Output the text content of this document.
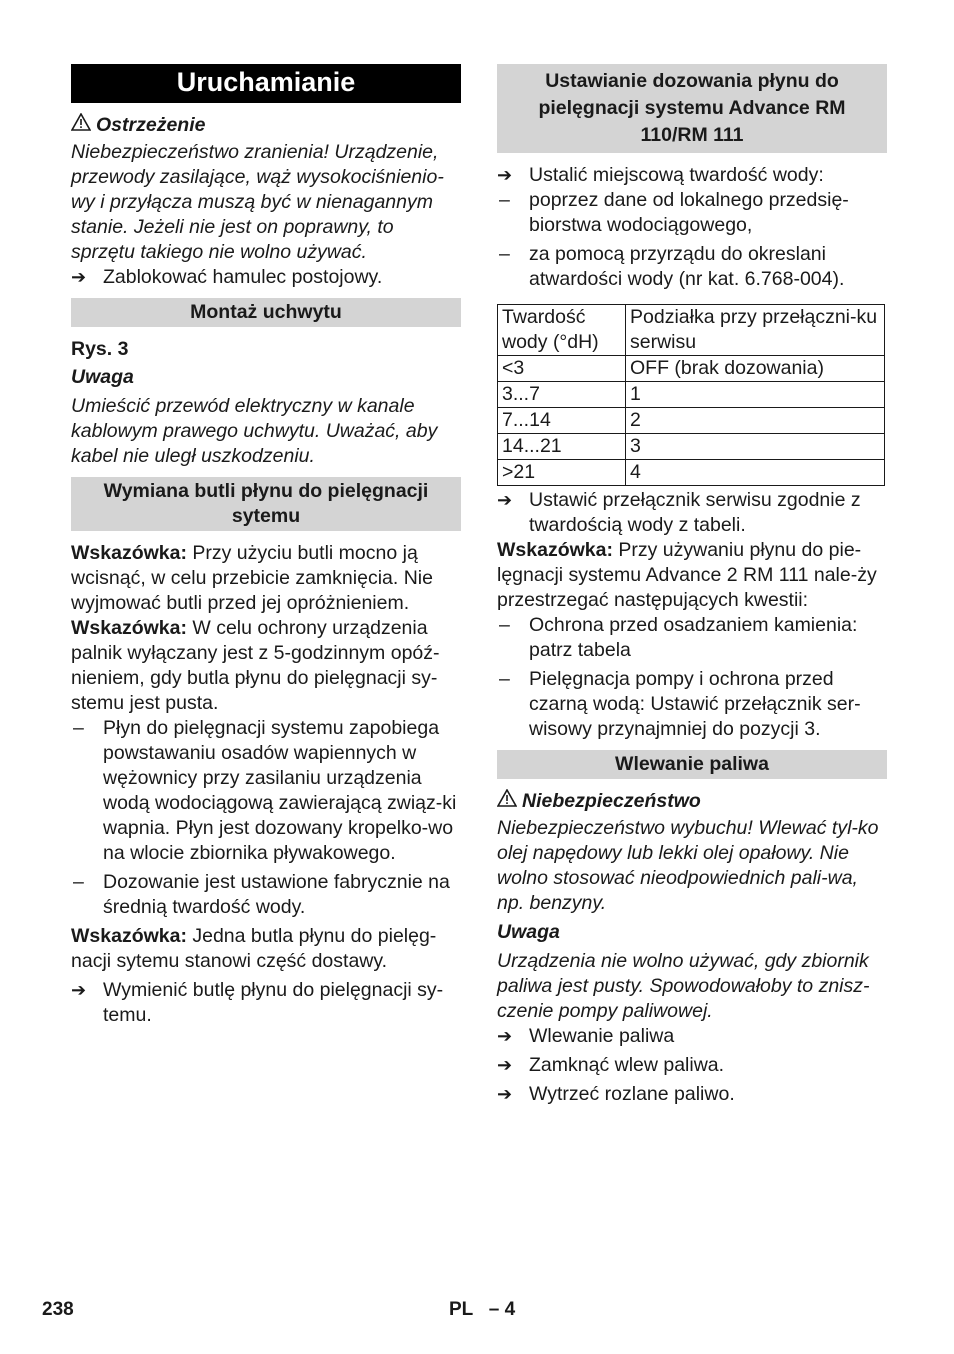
Uruchamianie
Ostrzeżenie

Niebezpieczeństwo zranienia! Urządzenie, przewody zasilające, wąż wysokociśnienio-wy i przyłącza muszą być w nienagannym stanie. Jeżeli nie jest on poprawny, to sprzętu takiego nie wolno używać.

➔ Zablokować hamulec postojowy.
Montaż uchwytu

Rys. 3

Uwaga

Umieścić przewód elektryczny w kanale kablowym prawego uchwytu. Uważać, aby kabel nie uległ uszkodzeniu.

Wymiana butli płynu do pielęgnacji sytemu

Wskazówka: Przy użyciu butli mocno ją wcisnąć, w celu przebicie zamknięcia. Nie wyjmować butli przed jej opróżnieniem.

Wskazówka: W celu ochrony urządzenia palnik wyłączany jest z 5-godzinnym opóź-nieniem, gdy butla płynu do pielęgnacji sy-stemu jest pusta.

– Płyn do pielęgnacji systemu zapobiega powstawaniu osadów wapiennych w wężownicy przy zasilaniu urządzenia wodą wodociągową zawierającą związ-ki wapnia. Płyn jest dozowany kropelko-wo na wlocie zbiornika pływakowego.
– Dozowanie jest ustawione fabrycznie na średnią twardość wody.

Wskazówka: Jedna butla płynu do pielęg-nacji sytemu stanowi część dostawy.

➔ Wymienić butlę płynu do pielęgnacji sy-temu.
Ustawianie dozowania płynu do pielęgnacji systemu Advance RM 110/RM 111
➔ Ustalić miejscową twardość wody:
– poprzez dane od lokalnego przedsię-biorstwa wodociągowego,
– za pomocą przyrządu do okreslani atwardości wody (nr kat. 6.768-004).
Twardość wody (°dH)	Podziałka przy przełączni-ku serwisu
<3	OFF (brak dozowania)
3...7	1
7...14	2
14...21	3
>21	4
➔ Ustawić przełącznik serwisu zgodnie z twardością wody z tabeli.

Wskazówka: Przy używaniu płynu do pie-lęgnacji systemu Advance 2 RM 111 nale-ży przestrzegać następujących kwestii:

– Ochrona przed osadzaniem kamienia: patrz tabela
– Pielęgnacja pompy i ochrona przed czarną wodą: Ustawić przełącznik ser-wisowy przynajmniej do pozycji 3.
Wlewanie paliwa
Niebezpieczeństwo

Niebezpieczeństwo wybuchu! Wlewać tyl-ko olej napędowy lub lekki olej opałowy. Nie wolno stosować nieodpowiednich pali-wa, np. benzyny.

Uwaga

Urządzenia nie wolno używać, gdy zbiornik paliwa jest pusty. Spowodowałoby to znisz-czenie pompy paliwowej.

➔ Wlewanie paliwa
➔ Zamknąć wlew paliwa.
➔ Wytrzeć rozlane paliwo.
238	PL   – 4
